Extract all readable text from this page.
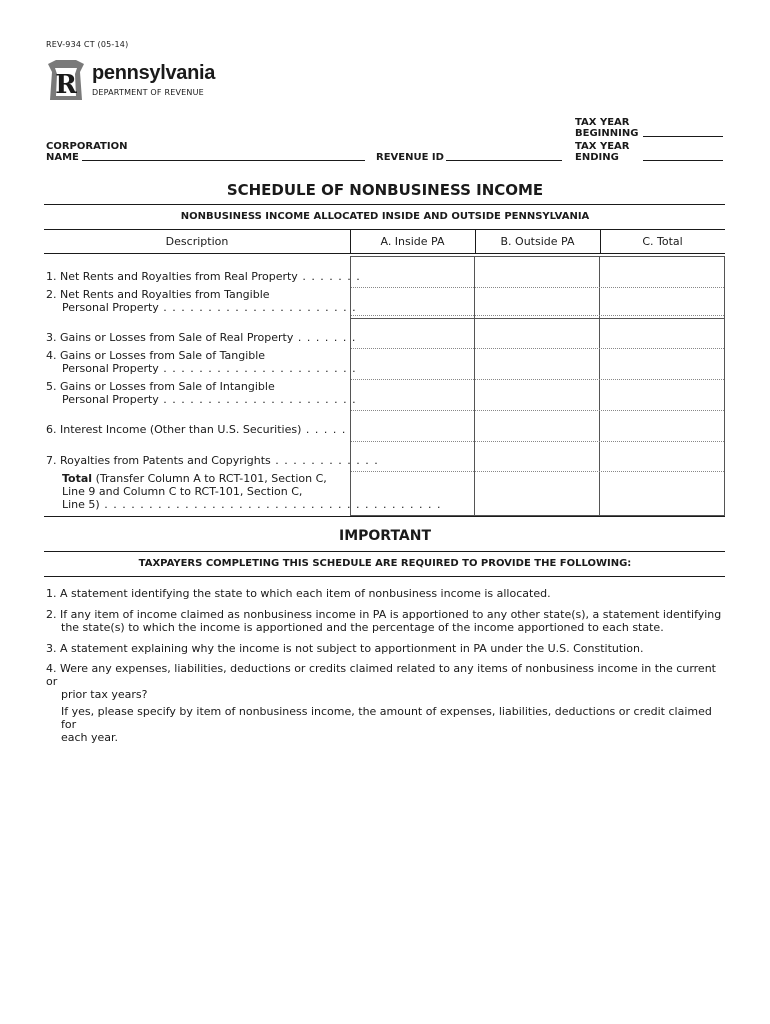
REV-934 CT (05-14)
R pennsylvania
DEPARTMENT OF REVENUE
CORPORATION
NAME	REVENUE ID
TAX YEAR
BEGINNING
TAX YEAR
ENDING
SCHEDULE OF NONBUSINESS INCOME
NONBUSINESS INCOME ALLOCATED INSIDE AND OUTSIDE PENNSYLVANIA
Description	A. Inside PA	B. Outside PA	C. Total
1. Net Rents and Royalties from Real Property . . . . . . .
2. Net Rents and Royalties from Tangible
Personal Property . . . . . . . . . . . . . . . . . . . . . .
3. Gains or Losses from Sale of Real Property . . . . . . .
4. Gains or Losses from Sale of Tangible
Personal Property . . . . . . . . . . . . . . . . . . . . . .
5. Gains or Losses from Sale of Intangible
Personal Property . . . . . . . . . . . . . . . . . . . . . .
6. Interest Income (Other than U.S. Securities) . . . . .
7. Royalties from Patents and Copyrights . . . . . . . . . . . .
Total (Transfer Column A to RCT-101, Section C,
Line 9 and Column C to RCT-101, Section C,
Line 5) . . . . . . . . . . . . . . . . . . . . . . . . . . . . . . . . . . . . . .
IMPORTANT
TAXPAYERS COMPLETING THIS SCHEDULE ARE REQUIRED TO PROVIDE THE FOLLOWING:
1. A statement identifying the state to which each item of nonbusiness income is allocated.
2. If any item of income claimed as nonbusiness income in PA is apportioned to any other state(s), a statement identifying
the state(s) to which the income is apportioned and the percentage of the income apportioned to each state.
3. A statement explaining why the income is not subject to apportionment in PA under the U.S. Constitution.
4. Were any expenses, liabilities, deductions or credits claimed related to any items of nonbusiness income in the current or
prior tax years?
If yes, please specify by item of nonbusiness income, the amount of expenses, liabilities, deductions or credit claimed for
each year.
